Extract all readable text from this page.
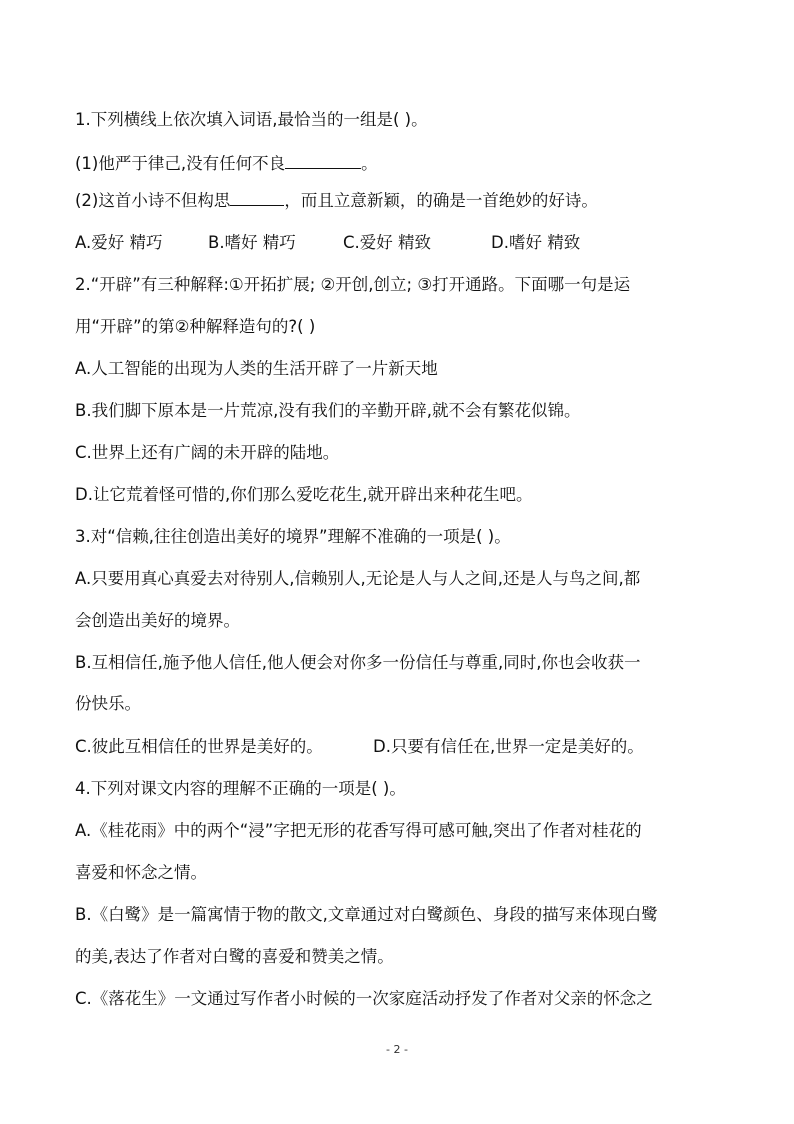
1.下列横线上依次填入词语,最恰当的一组是( )。
(1)他严于律己,没有任何不良	。
(2)这首小诗不但构思	，而且立意新颖，的确是一首绝妙的好诗。
A.爱好 精巧	B.嗜好 精巧	C.爱好 精致	D.嗜好 精致
2.“开辟”有三种解释:①开拓扩展; ②开创,创立; ③打开通路。下面哪一句是运
用“开辟”的第②种解释造句的?( )
A.人工智能的出现为人类的生活开辟了一片新天地
B.我们脚下原本是一片荒凉,没有我们的辛勤开辟,就不会有繁花似锦。
C.世界上还有广阔的未开辟的陆地。
D.让它荒着怪可惜的,你们那么爱吃花生,就开辟出来种花生吧。
3.对“信赖,往往创造出美好的境界”理解不准确的一项是( )。
A.只要用真心真爱去对待别人,信赖别人,无论是人与人之间,还是人与鸟之间,都
会创造出美好的境界。
B.互相信任,施予他人信任,他人便会对你多一份信任与尊重,同时,你也会收获一
份快乐。
C.彼此互相信任的世界是美好的。	D.只要有信任在,世界一定是美好的。
4.下列对课文内容的理解不正确的一项是( )。
A.《桂花雨》中的两个“浸”字把无形的花香写得可感可触,突出了作者对桂花的
喜爱和怀念之情。
B.《白鹭》是一篇寓情于物的散文,文章通过对白鹭颜色、身段的描写来体现白鹭
的美,表达了作者对白鹭的喜爱和赞美之情。
C.《落花生》一文通过写作者小时候的一次家庭活动抒发了作者对父亲的怀念之
- 2 -
